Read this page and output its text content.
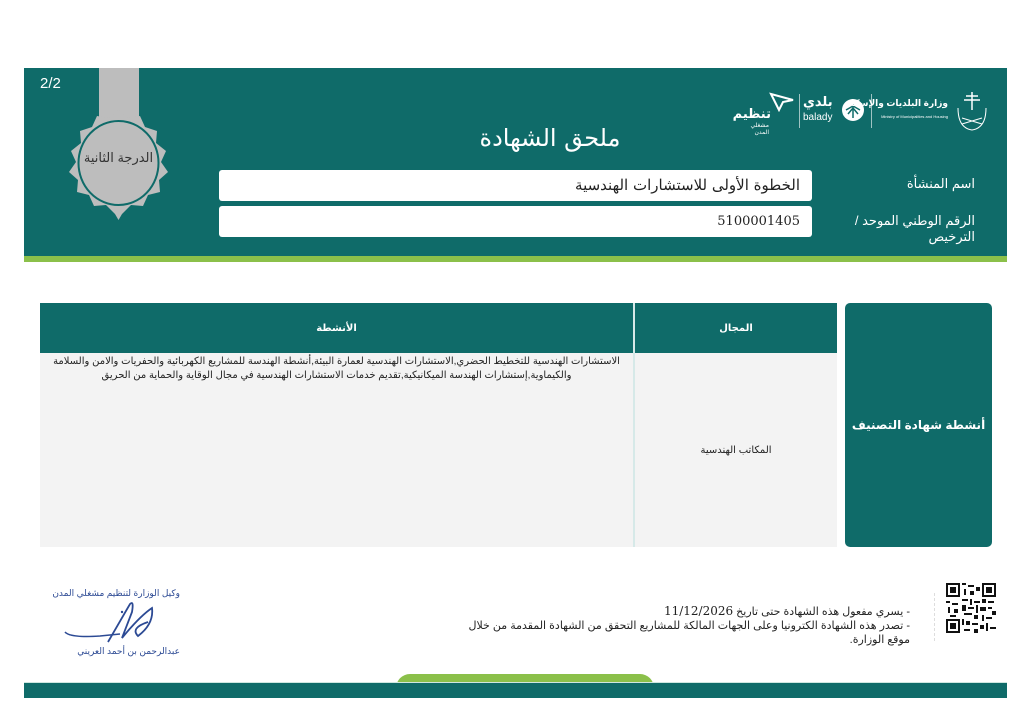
2/2
الدرجة الثانية
ملحق الشهادة
تنظيم
مشغلي المدن
بلدي
balady
وزارة البلديات والإسكان
Ministry of Municipalities and Housing
اسم المنشأة
الخطوة الأولى للاستشارات الهندسية
الرقم الوطني الموحد /الترخيص
5100001405
أنشطة شهادة التصنيف
الأنشطة	المجال
الاستشارات الهندسية للتخطيط الحضري,الاستشارات الهندسية لعمارة البيئة,أنشطة الهندسة للمشاريع الكهربائية والحفريات والامن والسلامة والكيماوية,إستشارات الهندسة الميكانيكية,تقديم خدمات الاستشارات الهندسية في مجال الوقاية والحماية من الحريق
المكاتب الهندسية
وكيل الوزارة لتنظيم مشغلي المدن
عبدالرحمن بن أحمد العريني
- يسري مفعول هذه الشهادة حتى تاريخ 11/12/2026
- تصدر هذه الشهادة الكترونيا وعلى الجهات المالكة للمشاريع التحقق من الشهادة المقدمة من خلال موقع الوزارة.
